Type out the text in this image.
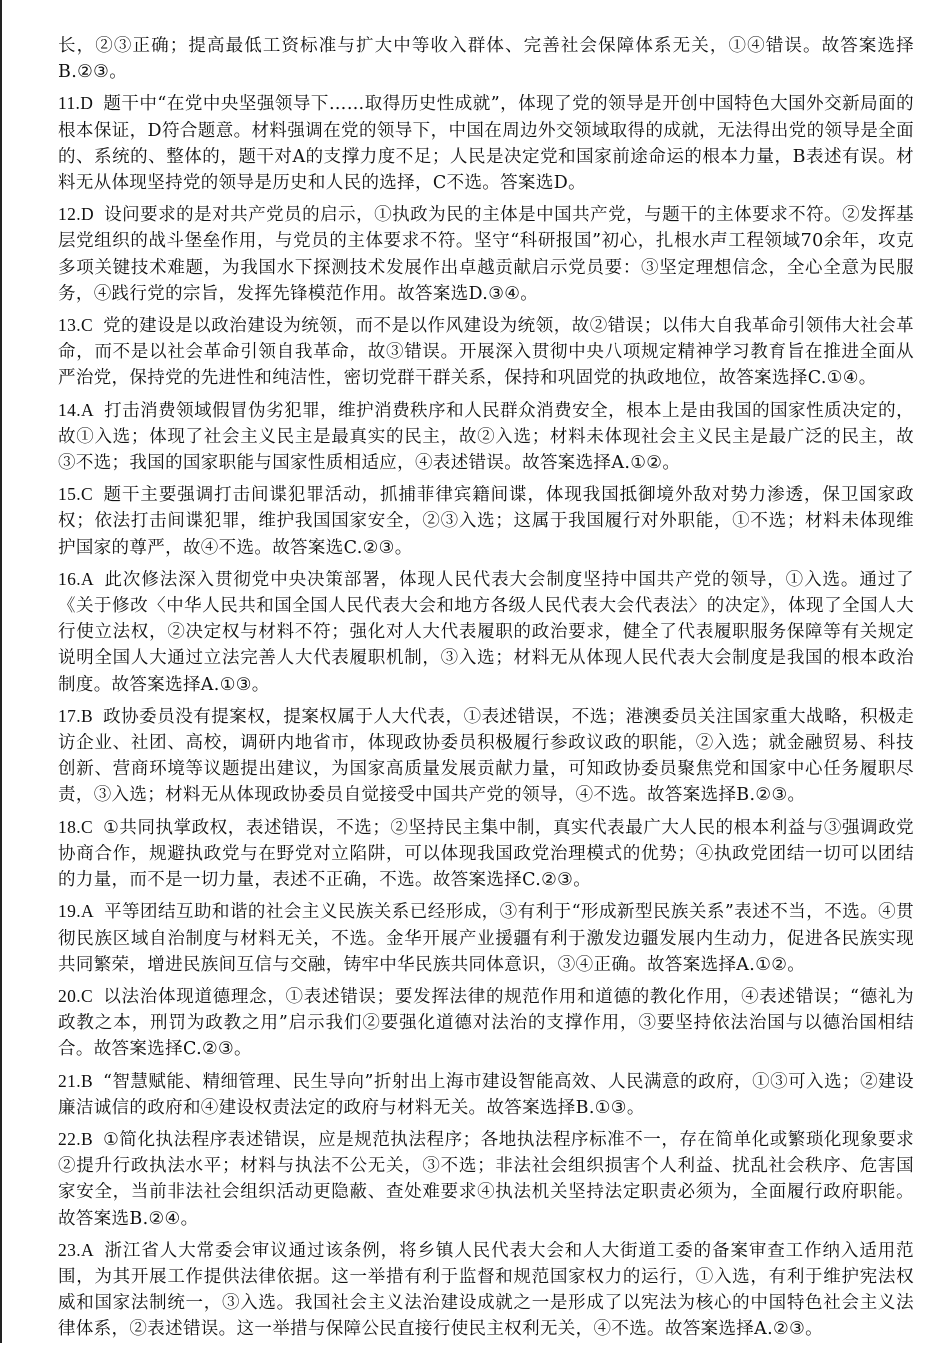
长，②③正确；提高最低工资标准与扩大中等收入群体、完善社会保障体系无关，①④错误。故答案选择B.②③。

11.D 题干中“在党中央坚强领导下……取得历史性成就”，体现了党的领导是开创中国特色大国外交新局面的根本保证，D符合题意。材料强调在党的领导下，中国在周边外交领域取得的成就，无法得出党的领导是全面的、系统的、整体的，题干对A的支撑力度不足；人民是决定党和国家前途命运的根本力量，B表述有误。材料无从体现坚持党的领导是历史和人民的选择，C不选。答案选D。

12.D 设问要求的是对共产党员的启示，①执政为民的主体是中国共产党，与题干的主体要求不符。②发挥基层党组织的战斗堡垒作用，与党员的主体要求不符。坚守“科研报国”初心，扎根水声工程领域70余年，攻克多项关键技术难题，为我国水下探测技术发展作出卓越贡献启示党员要：③坚定理想信念，全心全意为民服务，④践行党的宗旨，发挥先锋模范作用。故答案选D.③④。

13.C 党的建设是以政治建设为统领，而不是以作风建设为统领，故②错误；以伟大自我革命引领伟大社会革命，而不是以社会革命引领自我革命，故③错误。开展深入贯彻中央八项规定精神学习教育旨在推进全面从严治党，保持党的先进性和纯洁性，密切党群干群关系，保持和巩固党的执政地位，故答案选择C.①④。

14.A 打击消费领域假冒伪劣犯罪，维护消费秩序和人民群众消费安全，根本上是由我国的国家性质决定的，故①入选；体现了社会主义民主是最真实的民主，故②入选；材料未体现社会主义民主是最广泛的民主，故③不选；我国的国家职能与国家性质相适应，④表述错误。故答案选择A.①②。

15.C 题干主要强调打击间谍犯罪活动，抓捕菲律宾籍间谍，体现我国抵御境外敌对势力渗透，保卫国家政权；依法打击间谍犯罪，维护我国国家安全，②③入选；这属于我国履行对外职能，①不选；材料未体现维护国家的尊严，故④不选。故答案选C.②③。

16.A 此次修法深入贯彻党中央决策部署，体现人民代表大会制度坚持中国共产党的领导，①入选。通过了《关于修改〈中华人民共和国全国人民代表大会和地方各级人民代表大会代表法〉的决定》，体现了全国人大行使立法权，②决定权与材料不符；强化对人大代表履职的政治要求，健全了代表履职服务保障等有关规定说明全国人大通过立法完善人大代表履职机制，③入选；材料无从体现人民代表大会制度是我国的根本政治制度。故答案选择A.①③。

17.B 政协委员没有提案权，提案权属于人大代表，①表述错误，不选；港澳委员关注国家重大战略，积极走访企业、社团、高校，调研内地省市，体现政协委员积极履行参政议政的职能，②入选；就金融贸易、科技创新、营商环境等议题提出建议，为国家高质量发展贡献力量，可知政协委员聚焦党和国家中心任务履职尽责，③入选；材料无从体现政协委员自觉接受中国共产党的领导，④不选。故答案选择B.②③。

18.C ①共同执掌政权，表述错误，不选；②坚持民主集中制，真实代表最广大人民的根本利益与③强调政党协商合作，规避执政党与在野党对立陷阱，可以体现我国政党治理模式的优势；④执政党团结一切可以团结的力量，而不是一切力量，表述不正确，不选。故答案选择C.②③。

19.A 平等团结互助和谐的社会主义民族关系已经形成，③有利于“形成新型民族关系”表述不当，不选。④贯彻民族区域自治制度与材料无关，不选。金华开展产业援疆有利于激发边疆发展内生动力，促进各民族实现共同繁荣，增进民族间互信与交融，铸牢中华民族共同体意识，③④正确。故答案选择A.①②。

20.C 以法治体现道德理念，①表述错误；要发挥法律的规范作用和道德的教化作用，④表述错误；“德礼为政教之本，刑罚为政教之用”启示我们②要强化道德对法治的支撑作用，③要坚持依法治国与以德治国相结合。故答案选择C.②③。

21.B “智慧赋能、精细管理、民生导向”折射出上海市建设智能高效、人民满意的政府，①③可入选；②建设廉洁诚信的政府和④建设权责法定的政府与材料无关。故答案选择B.①③。

22.B ①简化执法程序表述错误，应是规范执法程序；各地执法程序标准不一，存在简单化或繁琐化现象要求②提升行政执法水平；材料与执法不公无关，③不选；非法社会组织损害个人利益、扰乱社会秩序、危害国家安全，当前非法社会组织活动更隐蔽、查处难要求④执法机关坚持法定职责必须为，全面履行政府职能。故答案选B.②④。

23.A 浙江省人大常委会审议通过该条例，将乡镇人民代表大会和人大街道工委的备案审查工作纳入适用范围，为其开展工作提供法律依据。这一举措有利于监督和规范国家权力的运行，①入选，有利于维护宪法权威和国家法制统一，③入选。我国社会主义法治建设成就之一是形成了以宪法为核心的中国特色社会主义法律体系，②表述错误。这一举措与保障公民直接行使民主权利无关，④不选。故答案选择A.②③。
